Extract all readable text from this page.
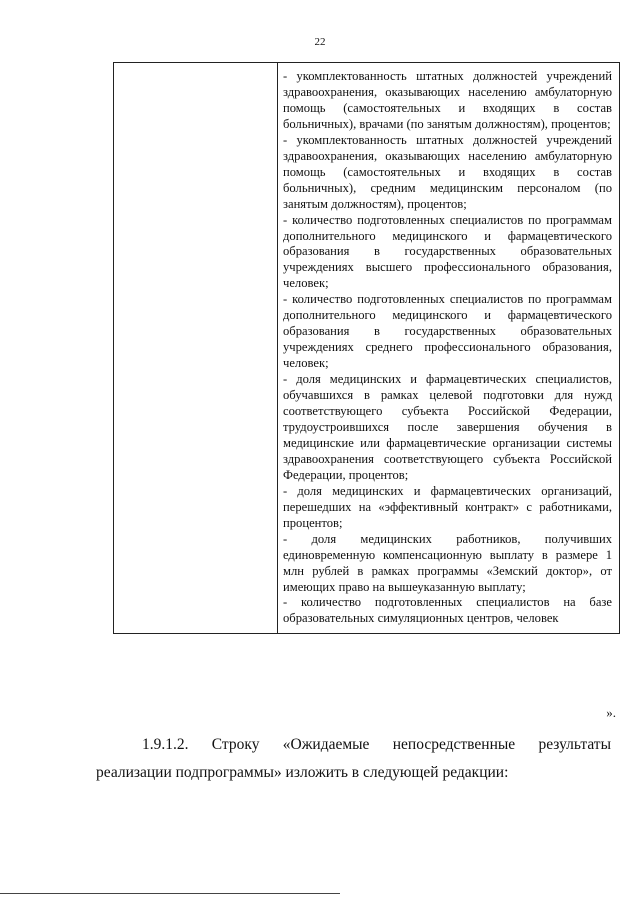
22

- укомплектованность штатных должностей учреждений здравоохранения, оказывающих населению амбулаторную помощь (самостоятельных и входящих в состав больничных), врачами (по занятым должностям), процентов;

- укомплектованность штатных должностей учреждений здравоохранения, оказывающих населению амбулаторную помощь (самостоятельных и входящих в состав больничных), средним медицинским персоналом (по занятым должностям), процентов;

- количество подготовленных специалистов по программам дополнительного медицинского и фармацевтического образования в государственных образовательных учреждениях высшего профессионального образования, человек;

- количество подготовленных специалистов по программам дополнительного медицинского и фармацевтического образования в государственных образовательных учреждениях среднего профессионального образования, человек;

- доля медицинских и фармацевтических специалистов, обучавшихся в рамках целевой подготовки для нужд соответствующего субъекта Российской Федерации, трудоустроившихся после завершения обучения в медицинские или фармацевтические организации системы здравоохранения соответствующего субъекта Российской Федерации, процентов;

- доля медицинских и фармацевтических организаций, перешедших на «эффективный контракт» с работниками, процентов;

- доля медицинских работников, получивших единовременную компенсационную выплату в размере 1 млн рублей в рамках программы «Земский доктор», от имеющих право на вышеуказанную выплату;

- количество подготовленных специалистов на базе образовательных симуляционных центров, человек

».

1.9.1.2. Строку «Ожидаемые непосредственные результаты реализации подпрограммы» изложить в следующей редакции:
